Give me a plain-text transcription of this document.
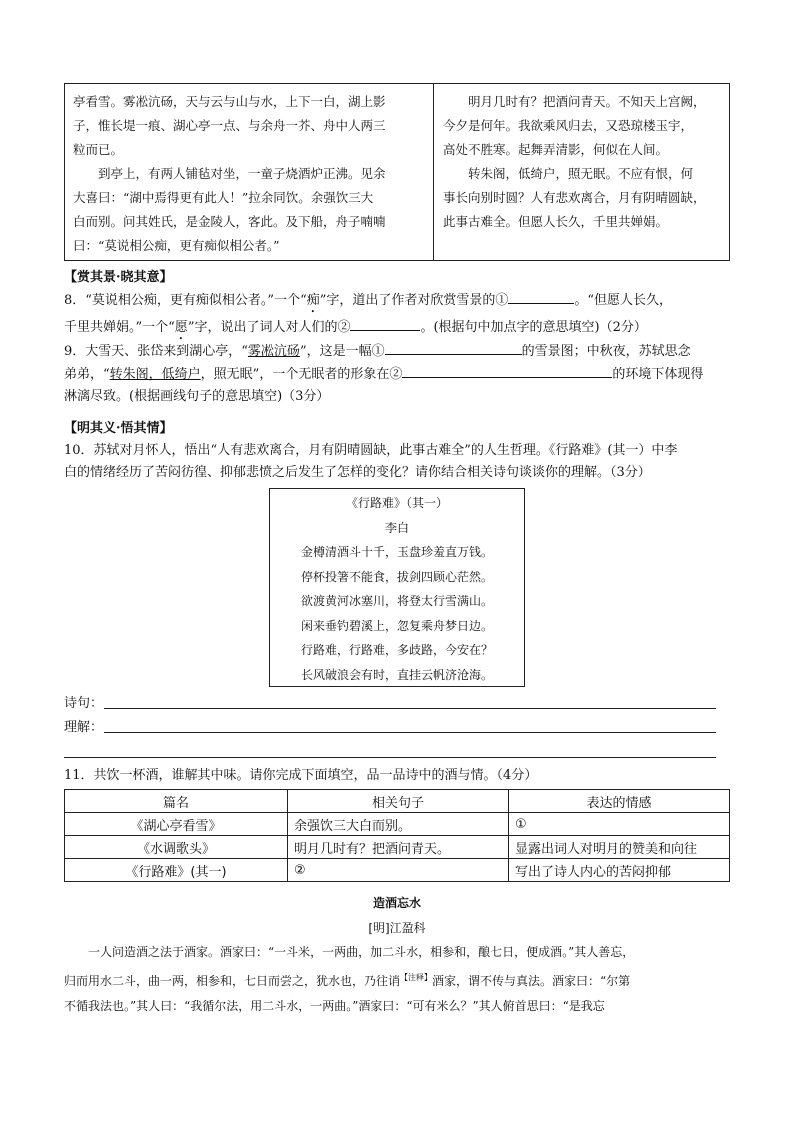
亭看雪。雾凇沆砀，天与云与山与水，上下一白，湖上影

子，惟长堤一痕、湖心亭一点、与余舟一芥、舟中人两三

粒而已。

到亭上，有两人铺毡对坐，一童子烧酒炉正沸。见余

大喜曰：“湖中焉得更有此人！”拉余同饮。余强饮三大

白而别。问其姓氏，是金陵人，客此。及下船，舟子喃喃

曰：“莫说相公痴，更有痴似相公者。”

明月几时有？把酒问青天。不知天上宫阙，

今夕是何年。我欲乘风归去，又恐琼楼玉宇，

高处不胜寒。起舞弄清影，何似在人间。

转朱阁，低绮户，照无眠。不应有恨，何

事长向别时圆？人有悲欢离合，月有阴晴圆缺，

此事古难全。但愿人长久，千里共婵娟。

【赏其景·晓其意】
8．“莫说相公痴，更有痴似相公者。”一个“痴”字，道出了作者对欣赏雪景的①	。“但愿人长久，
千里共婵娟。”一个“愿”字，说出了词人对人们的②	。(根据句中加点字的意思填空)（2分）
9．大雪天、张岱来到湖心亭，“雾凇沆砀”，这是一幅①	的雪景图；中秋夜，苏轼思念
弟弟，“转朱阁，低绮户，照无眠”，一个无眠者的形象在②	的环境下体现得
淋漓尽致。(根据画线句子的意思填空)（3分）
【明其义·悟其情】
10．苏轼对月怀人，悟出“人有悲欢离合，月有阴晴圆缺，此事古难全”的人生哲理。《行路难》(其一）中李
白的情绪经历了苦闷彷徨、抑郁悲愤之后发生了怎样的变化？请你结合相关诗句谈谈你的理解。（3分）
《行路难》（其一）
李白
金樽清酒斗十千，玉盘珍羞直万钱。
停杯投箸不能食，拔剑四顾心茫然。
欲渡黄河冰塞川，将登太行雪满山。
闲来垂钓碧溪上，忽复乘舟梦日边。
行路难，行路难，多歧路，今安在？
长风破浪会有时，直挂云帆济沧海。
诗句：
理解：
11．共饮一杯酒，谁解其中味。请你完成下面填空，品一品诗中的酒与情。（4分）
篇名	相关句子	表达的情感
《湖心亭看雪》	余强饮三大白而别。	①
《水调歌头》	明月几时有？把酒问青天。	显露出词人对明月的赞美和向往
《行路难》(其一)	②	写出了诗人内心的苦闷抑郁
造酒忘水
[明]江盈科
一人问造酒之法于酒家。酒家曰：“一斗米，一两曲，加二斗水，相参和，酿七日，便成酒。”其人善忘，
归而用水二斗，曲一两，相参和，七日而尝之，犹水也，乃往诮$^{【注释】}$酒家，谓不传与真法。酒家曰：“尔第
不循我法也。”其人曰：“我循尔法，用二斗水，一两曲。”酒家曰：“可有米么？”其人俯首思曰：“是我忘
